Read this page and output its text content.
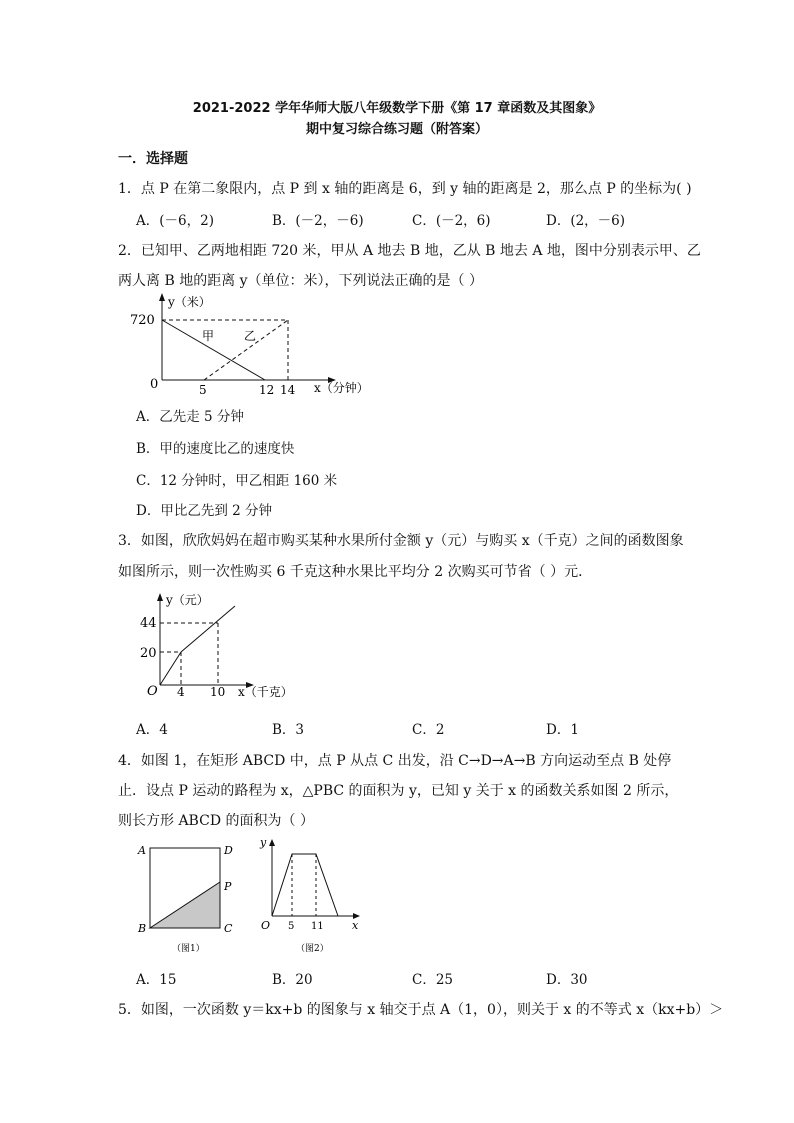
2021-2022 学年华师大版八年级数学下册《第 17 章函数及其图象》
期中复习综合练习题（附答案）
一．选择题
1．点 P 在第二象限内，点 P 到 x 轴的距离是 6，到 y 轴的距离是 2，那么点 P 的坐标为( )
A．(－6，2)	B．(－2，－6)	C．(－2，6)	D．(2，－6)
2．已知甲、乙两地相距 720 米，甲从 A 地去 B 地，乙从 B 地去 A 地，图中分别表示甲、乙
两人离 B 地的距离 y（单位：米），下列说法正确的是（ ）
y（米）
720
0	5	12 14 x（分钟）
甲 乙
A．乙先走 5 分钟
B．甲的速度比乙的速度快
C．12 分钟时，甲乙相距 160 米
D．甲比乙先到 2 分钟
3．如图，欣欣妈妈在超市购买某种水果所付金额 y（元）与购买 x（千克）之间的函数图象
如图所示，则一次性购买 6 千克这种水果比平均分 2 次购买可节省（ ）元．
y（元）
44
20
O 4 10 x（千克）
A．4	B．3	C．2	D．1
4．如图 1，在矩形 ABCD 中，点 P 从点 C 出发，沿 C→D→A→B 方向运动至点 B 处停
止．设点 P 运动的路程为 x，△PBC 的面积为 y，已知 y 关于 x 的函数关系如图 2 所示，
则长方形 ABCD 的面积为（ ）
A	D
P
B	C
（图1）
y
x
O 5 11
（图2）
A．15	B．20	C．25	D．30
5．如图，一次函数 y＝kx+b 的图象与 x 轴交于点 A（1，0），则关于 x 的不等式 x（kx+b）＞
